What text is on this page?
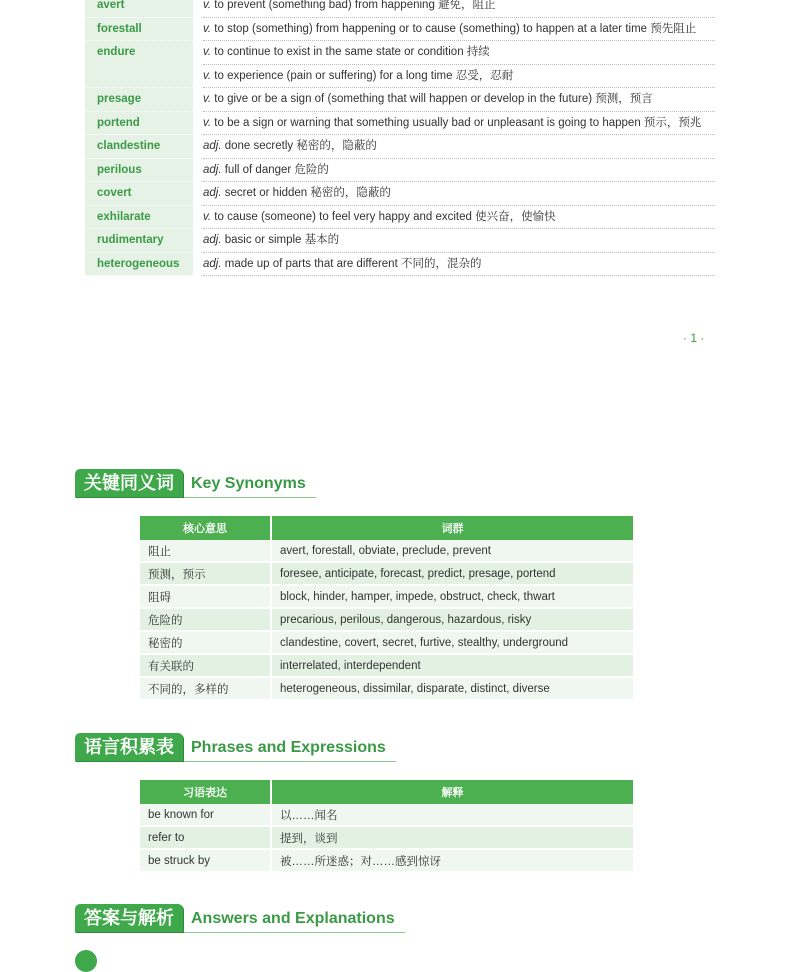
avert	v. to prevent (something bad) from happening 避免，阻止
forestall	v. to stop (something) from happening or to cause (something) to happen at a later time 预先阻止
endure	v. to continue to exist in the same state or condition 持续
v. to experience (pain or suffering) for a long time 忍受，忍耐
presage	v. to give or be a sign of (something that will happen or develop in the future) 预测，预言
portend	v. to be a sign or warning that something usually bad or unpleasant is going to happen 预示，预兆
clandestine	adj. done secretly 秘密的，隐蔽的
perilous	adj. full of danger 危险的
covert	adj. secret or hidden 秘密的，隐蔽的
exhilarate	v. to cause (someone) to feel very happy and excited 使兴奋，使愉快
rudimentary	adj. basic or simple 基本的
heterogeneous	adj. made up of parts that are different 不同的，混杂的
· 1 ·
关键同义词	Key Synonyms
核心意思	词群
阻止	avert, forestall, obviate, preclude, prevent
预测，预示	foresee, anticipate, forecast, predict, presage, portend
阻碍	block, hinder, hamper, impede, obstruct, check, thwart
危险的	precarious, perilous, dangerous, hazardous, risky
秘密的	clandestine, covert, secret, furtive, stealthy, underground
有关联的	interrelated, interdependent
不同的，多样的	heterogeneous, dissimilar, disparate, distinct, diverse
语言积累表	Phrases and Expressions
习语表达	解释
be known for	以……闻名
refer to	提到，谈到
be struck by	被……所迷惑；对……感到惊讶
答案与解析	Answers and Explanations
